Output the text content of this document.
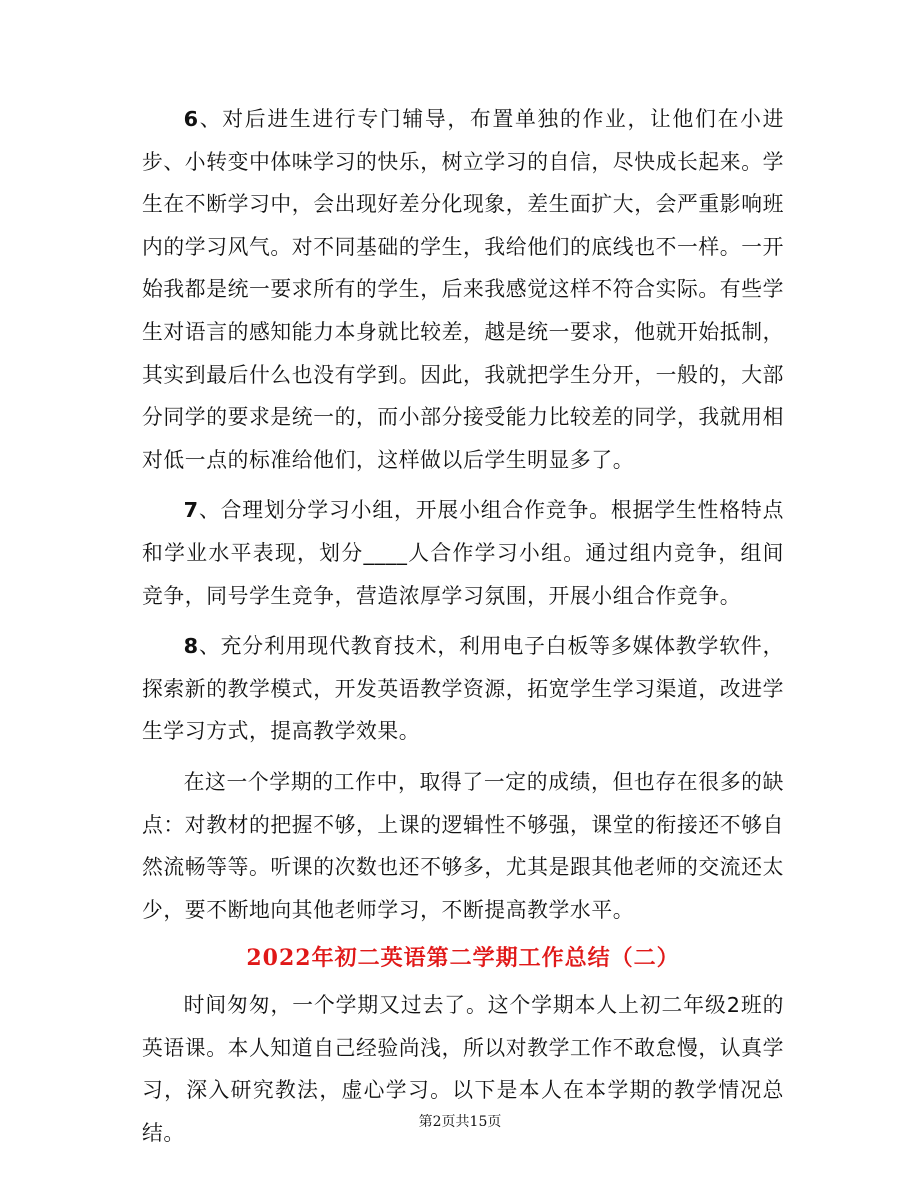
6、对后进生进行专门辅导，布置单独的作业，让他们在小进步、小转变中体味学习的快乐，树立学习的自信，尽快成长起来。学生在不断学习中，会出现好差分化现象，差生面扩大，会严重影响班内的学习风气。对不同基础的学生，我给他们的底线也不一样。一开始我都是统一要求所有的学生，后来我感觉这样不符合实际。有些学生对语言的感知能力本身就比较差，越是统一要求，他就开始抵制，其实到最后什么也没有学到。因此，我就把学生分开，一般的，大部分同学的要求是统一的，而小部分接受能力比较差的同学，我就用相对低一点的标准给他们，这样做以后学生明显多了。

7、合理划分学习小组，开展小组合作竞争。根据学生性格特点和学业水平表现，划分____人合作学习小组。通过组内竞争，组间竞争，同号学生竞争，营造浓厚学习氛围，开展小组合作竞争。

8、充分利用现代教育技术，利用电子白板等多媒体教学软件，探索新的教学模式，开发英语教学资源，拓宽学生学习渠道，改进学生学习方式，提高教学效果。

在这一个学期的工作中，取得了一定的成绩，但也存在很多的缺点：对教材的把握不够，上课的逻辑性不够强，课堂的衔接还不够自然流畅等等。听课的次数也还不够多，尤其是跟其他老师的交流还太少，要不断地向其他老师学习，不断提高教学水平。

2022年初二英语第二学期工作总结（二）

时间匆匆，一个学期又过去了。这个学期本人上初二年级2班的英语课。本人知道自己经验尚浅，所以对教学工作不敢怠慢，认真学习，深入研究教法，虚心学习。以下是本人在本学期的教学情况总结。	第2页共15页
